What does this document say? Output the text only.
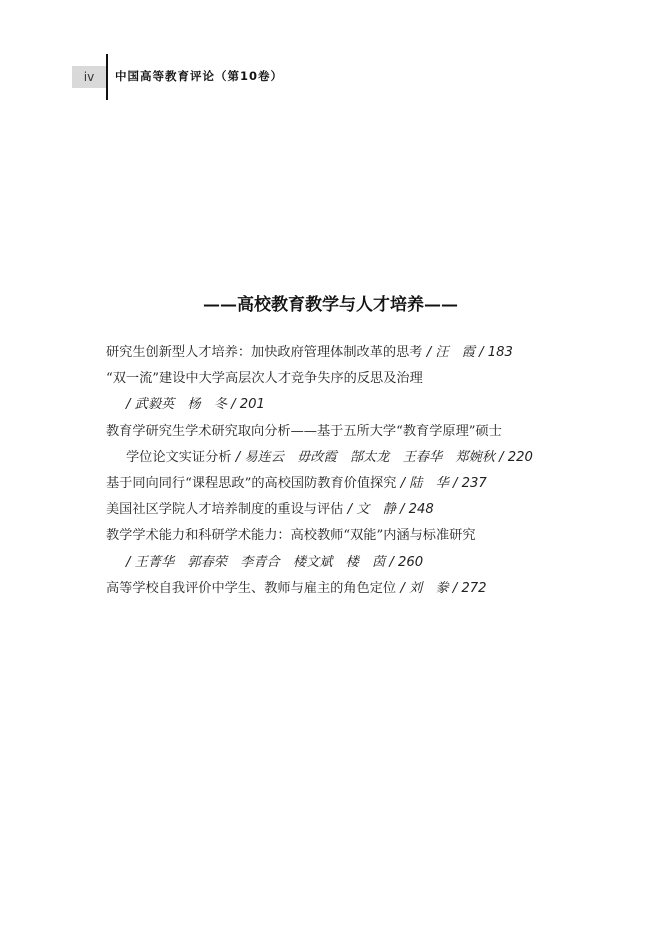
iv	中国高等教育评论（第10卷）
——高校教育教学与人才培养——
研究生创新型人才培养：加快政府管理体制改革的思考 / 汪　霞 / 183
“双一流”建设中大学高层次人才竞争失序的反思及治理
/ 武毅英　杨　冬 / 201
教育学研究生学术研究取向分析——基于五所大学“教育学原理”硕士
学位论文实证分析 / 易连云　毋改霞　郜太龙　王春华　郑婉秋 / 220
基于同向同行“课程思政”的高校国防教育价值探究 / 陆　华 / 237
美国社区学院人才培养制度的重设与评估 / 文　静 / 248
教学学术能力和科研学术能力：高校教师“双能”内涵与标准研究
/ 王菁华　郭春荣　李青合　楼文斌　楼　茵 / 260
高等学校自我评价中学生、教师与雇主的角色定位 / 刘　豢 / 272
